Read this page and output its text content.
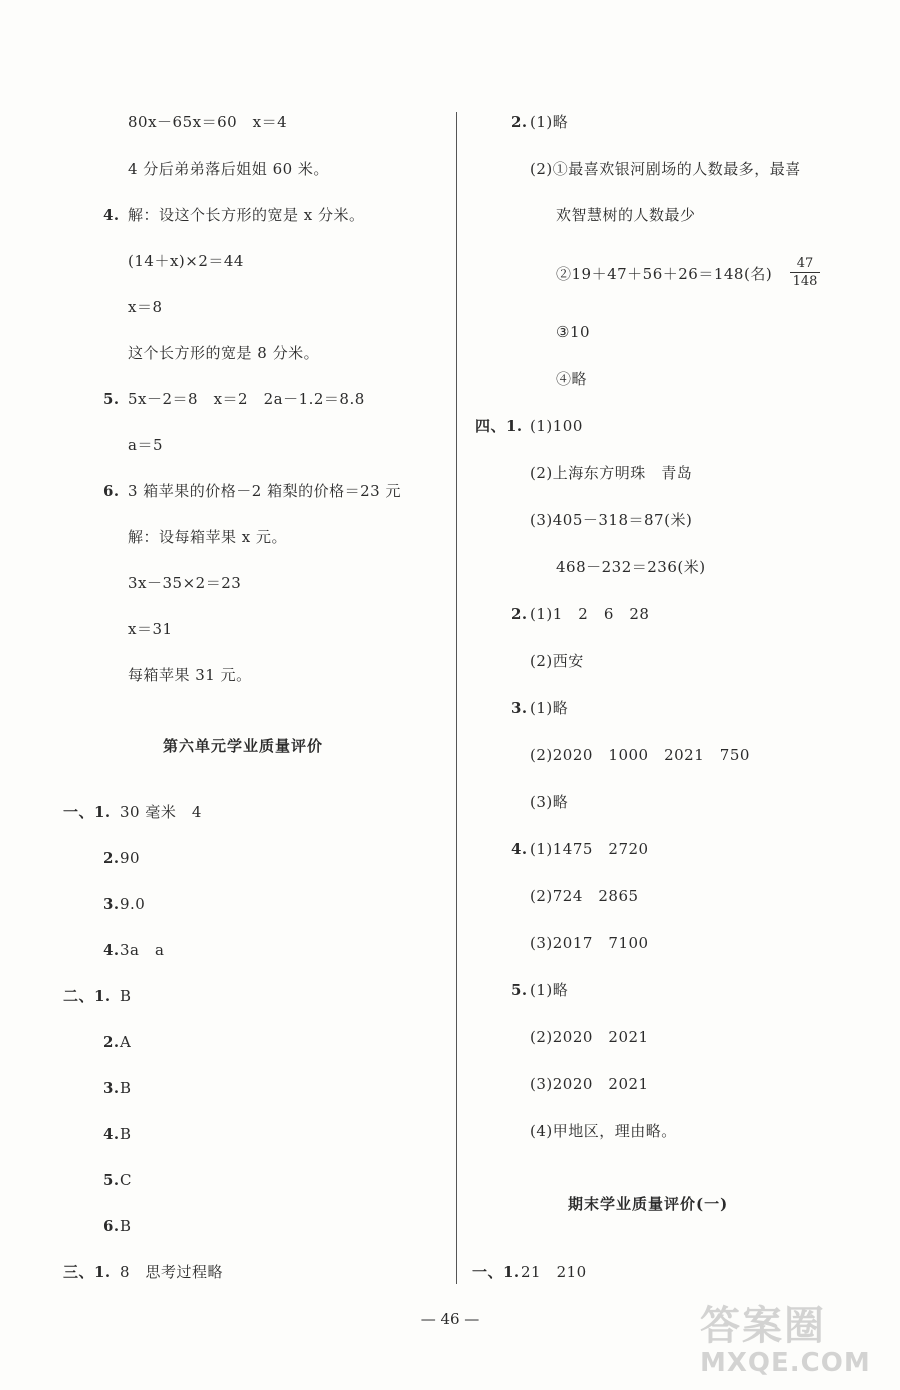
80x－65x＝60　x＝4
4 分后弟弟落后姐姐 60 米。
4. 解：设这个长方形的宽是 x 分米。
(14＋x)×2＝44
x＝8
这个长方形的宽是 8 分米。
5. 5x－2＝8　x＝2　2a－1.2＝8.8
a＝5
6. 3 箱苹果的价格－2 箱梨的价格＝23 元
解：设每箱苹果 x 元。
3x－35×2＝23
x＝31
每箱苹果 31 元。
第六单元学业质量评价
一、1. 30 毫米　4
2. 90
3. 9.0
4. 3a　a
二、1. B
2. A
3. B
4. B
5. C
6. B
三、1. 8　思考过程略
2. (1)略
(2)①最喜欢银河剧场的人数最多，最喜
欢智慧树的人数最少
②19＋47＋56＋26＝148(名)
47
148
③10
④略
四、1. (1)100
(2)上海东方明珠　青岛
(3)405－318＝87(米)
468－232＝236(米)
2. (1)1　2　6　28
(2)西安
3. (1)略
(2)2020　1000　2021　750
(3)略
4. (1)1475　2720
(2)724　2865
(3)2017　7100
5. (1)略
(2)2020　2021
(3)2020　2021
(4)甲地区，理由略。
期末学业质量评价(一)
一、1. 21　210
— 46 —	答案圈
MXQE.COM
